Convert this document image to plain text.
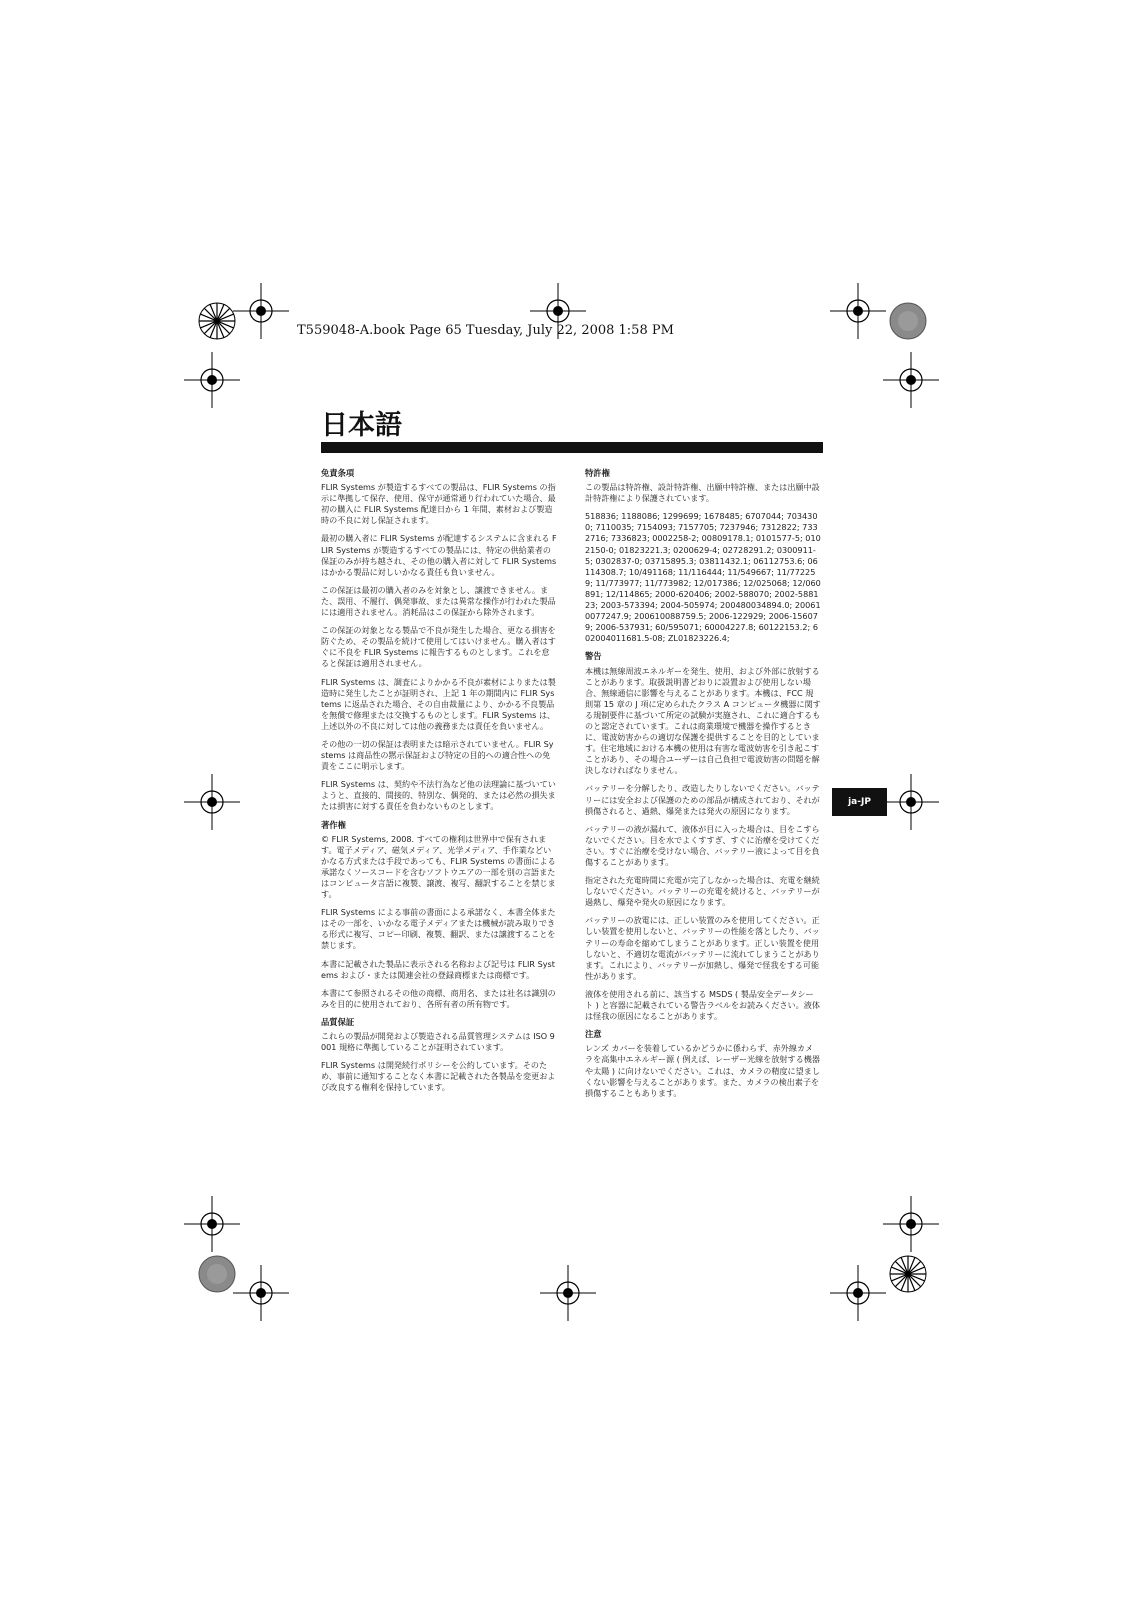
T559048-A.book Page 65 Tuesday, July 22, 2008 1:58 PM
日本語
ja-JP
免責条項

FLIR Systems が製造するすべての製品は、FLIR Systems の指示に準拠して保存、使用、保守が通常通り行われていた場合、最初の購入に FLIR Systems 配達日から 1 年間、素材および製造時の不良に対し保証されます。

最初の購入者に FLIR Systems が配達するシステムに含まれる FLIR Systems が製造するすべての製品には、特定の供給業者の保証のみが持ち越され、その他の購入者に対して FLIR Systems はかかる製品に対しいかなる責任も負いません。

この保証は最初の購入者のみを対象とし、譲渡できません。また、誤用、不履行、偶発事故、または異常な操作が行われた製品には適用されません。消耗品はこの保証から除外されます。

この保証の対象となる製品で不良が発生した場合、更なる損害を防ぐため、その製品を続けて使用してはいけません。購入者はすぐに不良を FLIR Systems に報告するものとします。これを怠ると保証は適用されません。

FLIR Systems は、調査によりかかる不良が素材によりまたは製造時に発生したことが証明され、上記 1 年の期間内に FLIR Systems に返品された場合、その自由裁量により、かかる不良製品を無償で修理または交換するものとします。FLIR Systems は、上述以外の不良に対しては他の義務または責任を負いません。

その他の一切の保証は表明または暗示されていません。FLIR Systems は商品性の黙示保証および特定の目的への適合性への免責をここに明示します。

FLIR Systems は、契約や不法行為など他の法理論に基づいていようと、直接的、間接的、特別な、偶発的、または必然の損失または損害に対する責任を負わないものとします。

著作権

© FLIR Systems, 2008. すべての権利は世界中で保有されます。電子メディア、磁気メディア、光学メディア、手作業などいかなる方式または手段であっても、FLIR Systems の書面による承諾なくソースコードを含むソフトウエアの一部を別の言語またはコンピュータ言語に複製、譲渡、複写、翻訳することを禁じます。

FLIR Systems による事前の書面による承諾なく、本書全体またはその一部を、いかなる電子メディアまたは機械が読み取りできる形式に複写、コピー印刷、複製、翻訳、または譲渡することを禁じます。

本書に記載された製品に表示される名称および記号は FLIR Systems および・または関連会社の登録商標または商標です。

本書にて参照されるその他の商標、商用名、または社名は識別のみを目的に使用されており、各所有者の所有物です。

品質保証

これらの製品が開発および製造される品質管理システムは ISO 9001 規格に準拠していることが証明されています。

FLIR Systems は開発続行ポリシーを公約しています。そのため、事前に通知することなく本書に記載された各製品を変更および改良する権利を保持しています。

特許権

この製品は特許権、設計特許権、出願中特許権、または出願中設計特許権により保護されています。

518836; 1188086; 1299699; 1678485; 6707044; 7034300; 7110035; 7154093; 7157705; 7237946; 7312822; 7332716; 7336823; 0002258-2; 00809178.1; 0101577-5; 0102150-0; 01823221.3; 0200629-4; 02728291.2; 0300911-5; 0302837-0; 03715895.3; 03811432.1; 06112753.6; 06114308.7; 10/491168; 11/116444; 11/549667; 11/772259; 11/773977; 11/773982; 12/017386; 12/025068; 12/060891; 12/114865; 2000-620406; 2002-588070; 2002-588123; 2003-573394; 2004-505974; 200480034894.0; 200610077247.9; 200610088759.5; 2006-122929; 2006-156079; 2006-537931; 60/595071; 60004227.8; 60122153.2; 602004011681.5-08; ZL01823226.4;

警告

本機は無線周波エネルギーを発生、使用、および外部に放射することがあります。取扱説明書どおりに設置および使用しない場合、無線通信に影響を与えることがあります。本機は、FCC 規則第 15 章の J 項に定められたクラス A コンピュータ機器に関する規制要件に基づいて所定の試験が実施され、これに適合するものと認定されています。これは商業環境で機器を操作するときに、電波妨害からの適切な保護を提供することを目的としています。住宅地域における本機の使用は有害な電波妨害を引き起こすことがあり、その場合ユーザーは自己負担で電波妨害の問題を解決しなければなりません。

バッテリーを分解したり、改造したりしないでください。バッテリーには安全および保護のための部品が構成されており、それが損傷されると、過熱、爆発または発火の原因になります。

バッテリーの液が漏れて、液体が目に入った場合は、目をこすらないでください。目を水でよくすすぎ、すぐに治療を受けてください。すぐに治療を受けない場合、バッテリー液によって目を負傷することがあります。

指定された充電時間に充電が完了しなかった場合は、充電を継続しないでください。バッテリーの充電を続けると、バッテリーが過熱し、爆発や発火の原因になります。

バッテリーの放電には、正しい装置のみを使用してください。正しい装置を使用しないと、バッテリーの性能を落としたり、バッテリーの寿命を縮めてしまうことがあります。正しい装置を使用しないと、不適切な電流がバッテリーに流れてしまうことがあります。これにより、バッテリーが加熱し、爆発で怪我をする可能性があります。

液体を使用される前に、該当する MSDS ( 製品安全データシート ) と容器に記載されている警告ラベルをお読みください。液体は怪我の原因になることがあります。

注意

レンズ カバーを装着しているかどうかに係わらず、赤外線カメラを高集中エネルギー源 ( 例えば、レーザー光線を放射する機器や太陽 ) に向けないでください。これは、カメラの精度に望ましくない影響を与えることがあります。また、カメラの検出素子を損傷することもあります。
